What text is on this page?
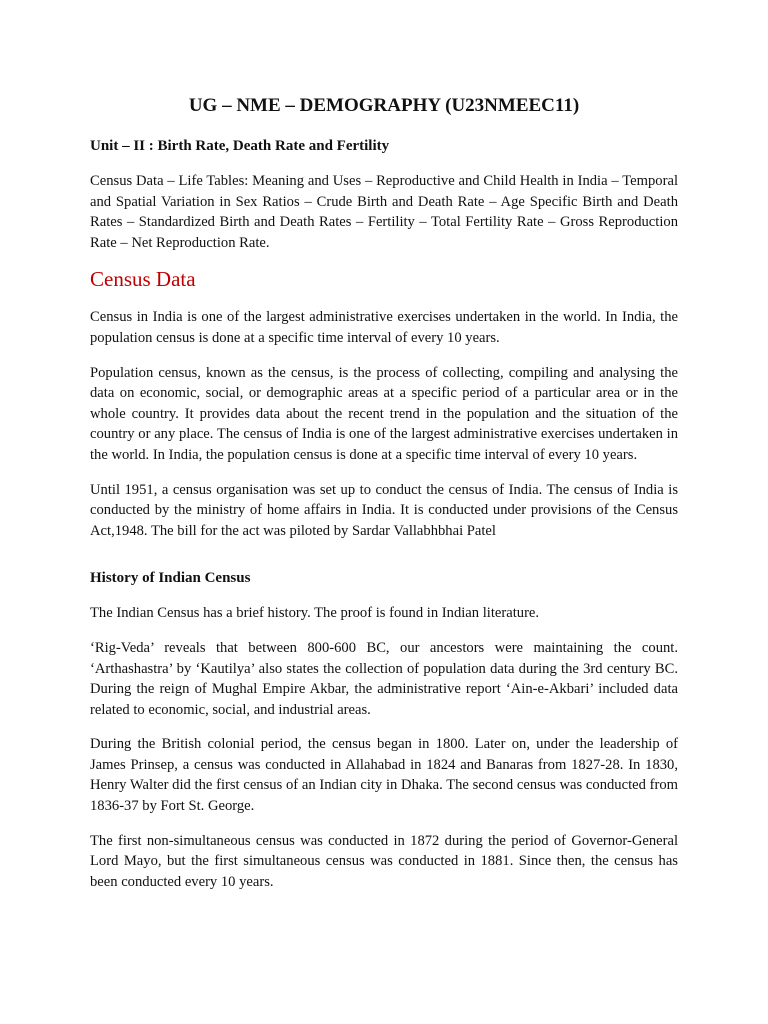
UG – NME – DEMOGRAPHY (U23NMEEC11)
Unit – II : Birth Rate, Death Rate and Fertility

Census Data – Life Tables: Meaning and Uses – Reproductive and Child Health in India – Temporal and Spatial Variation in Sex Ratios – Crude Birth and Death Rate – Age Specific Birth and Death Rates – Standardized Birth and Death Rates – Fertility – Total Fertility Rate – Gross Reproduction Rate – Net Reproduction Rate.

Census Data

Census in India is one of the largest administrative exercises undertaken in the world. In India, the population census is done at a specific time interval of every 10 years.

Population census, known as the census, is the process of collecting, compiling and analysing the data on economic, social, or demographic areas at a specific period of a particular area or in the whole country. It provides data about the recent trend in the population and the situation of the country or any place. The census of India is one of the largest administrative exercises undertaken in the world. In India, the population census is done at a specific time interval of every 10 years.

Until 1951, a census organisation was set up to conduct the census of India. The census of India is conducted by the ministry of home affairs in India. It is conducted under provisions of the Census Act,1948. The bill for the act was piloted by Sardar Vallabhbhai Patel

History of Indian Census

The Indian Census has a brief history. The proof is found in Indian literature.

‘Rig-Veda’ reveals that between 800-600 BC, our ancestors were maintaining the count. ‘Arthashastra’ by ‘Kautilya’ also states the collection of population data during the 3rd century BC. During the reign of Mughal Empire Akbar, the administrative report ‘Ain-e-Akbari’ included data related to economic, social, and industrial areas.

During the British colonial period, the census began in 1800. Later on, under the leadership of James Prinsep, a census was conducted in Allahabad in 1824 and Banaras from 1827-28. In 1830, Henry Walter did the first census of an Indian city in Dhaka. The second census was conducted from 1836-37 by Fort St. George.

The first non-simultaneous census was conducted in 1872 during the period of Governor-General Lord Mayo, but the first simultaneous census was conducted in 1881. Since then, the census has been conducted every 10 years.
